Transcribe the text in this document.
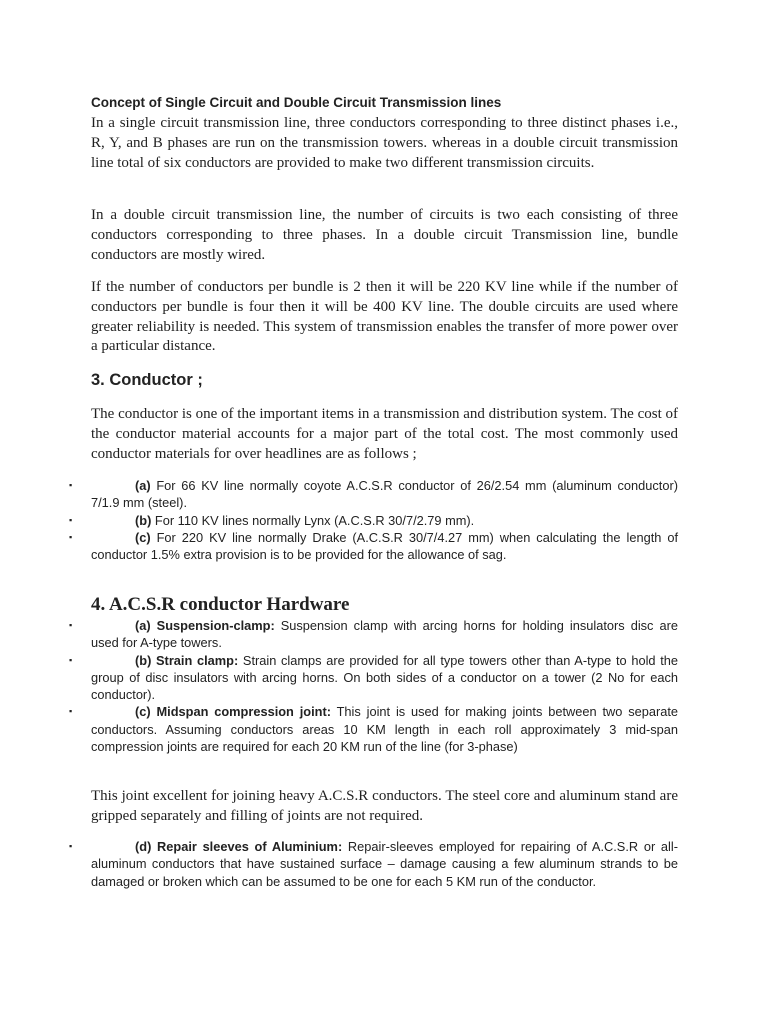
Concept of Single Circuit and Double Circuit Transmission lines

In a single circuit transmission line, three conductors corresponding to three distinct phases i.e., R, Y, and B phases are run on the transmission towers. whereas in a double circuit transmission line total of six conductors are provided to make two different transmission circuits.

In a double circuit transmission line, the number of circuits is two each consisting of three conductors corresponding to three phases. In a double circuit Transmission line, bundle conductors are mostly wired.

If the number of conductors per bundle is 2 then it will be 220 KV line while if the number of conductors per bundle is four then it will be 400 KV line. The double circuits are used where greater reliability is needed. This system of transmission enables the transfer of more power over a particular distance.

3. Conductor ;

The conductor is one of the important items in a transmission and distribution system. The cost of the conductor material accounts for a major part of the total cost. The most commonly used conductor materials for over headlines are as follows ;

▪	(a) For 66 KV line normally coyote A.C.S.R conductor of 26/2.54 mm (aluminum conductor) 7/1.9 mm (steel).
▪	(b) For 110 KV lines normally Lynx (A.C.S.R 30/7/2.79 mm).
▪	(c) For 220 KV line normally Drake (A.C.S.R 30/7/4.27 mm) when calculating the length of conductor 1.5% extra provision is to be provided for the allowance of sag.
4. A.C.S.R conductor Hardware
▪	(a) Suspension-clamp: Suspension clamp with arcing horns for holding insulators disc are used for A-type towers.
▪	(b) Strain clamp: Strain clamps are provided for all type towers other than A-type to hold the group of disc insulators with arcing horns. On both sides of a conductor on a tower (2 No for each conductor).
▪	(c) Midspan compression joint: This joint is used for making joints between two separate conductors. Assuming conductors areas 10 KM length in each roll approximately 3 mid-span compression joints are required for each 20 KM run of the line (for 3-phase)

This joint excellent for joining heavy A.C.S.R conductors. The steel core and aluminum stand are gripped separately and filling of joints are not required.

▪	(d) Repair sleeves of Aluminium: Repair-sleeves employed for repairing of A.C.S.R or all-aluminum conductors that have sustained surface – damage causing a few aluminum strands to be damaged or broken which can be assumed to be one for each 5 KM run of the conductor.
